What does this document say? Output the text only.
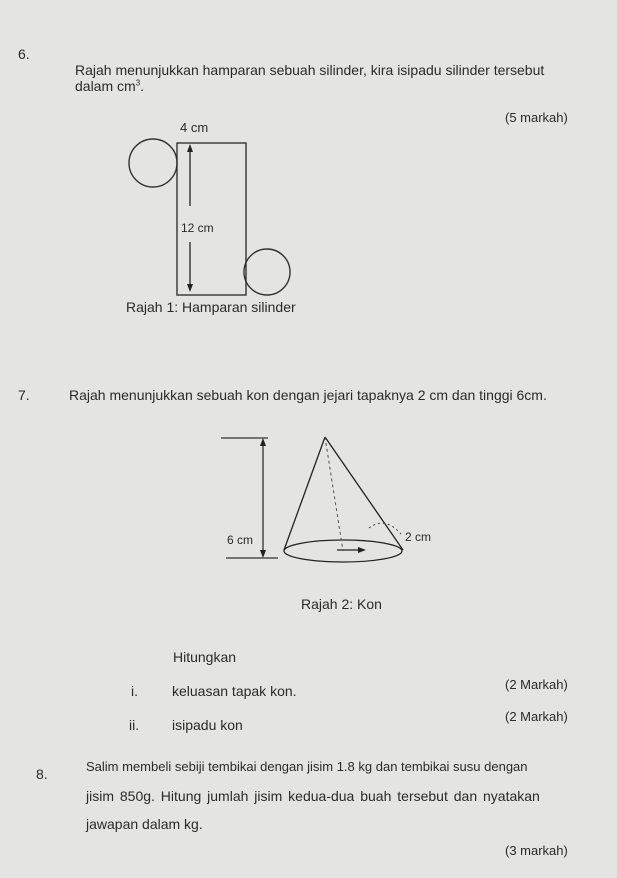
6.
Rajah menunjukkan hamparan sebuah silinder, kira isipadu silinder tersebut
dalam $cm^3$.
(5 markah)
4 cm
12 cm
Rajah 1: Hamparan silinder
7.	Rajah menunjukkan sebuah kon dengan jejari tapaknya 2 cm dan tinggi 6cm.
6 cm	2 cm
Rajah 2: Kon
Hitungkan
i. keluasan tapak kon.	(2 Markah)
ii. isipadu kon
(2 Markah)
8.	Salim membeli sebiji tembikai dengan jisim 1.8 kg dan tembikai susu dengan
jisim 850g. Hitung jumlah jisim kedua-dua buah tersebut dan nyatakan
jawapan dalam kg.
(3 markah)
